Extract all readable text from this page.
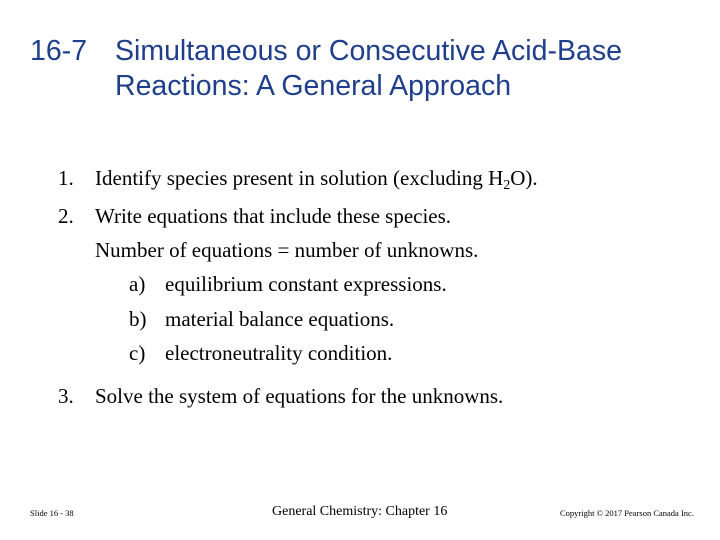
16-7 Simultaneous or Consecutive Acid-Base
Reactions: A General Approach
1. Identify species present in solution (excluding $H_2O$).
2. Write equations that include these species.
Number of equations = number of unknowns.
a) equilibrium constant expressions.
b) material balance equations.
c) electroneutrality condition.
3. Solve the system of equations for the unknowns.
Slide 16 - 38	General Chemistry: Chapter 16	Copyright © 2017 Pearson Canada Inc.
